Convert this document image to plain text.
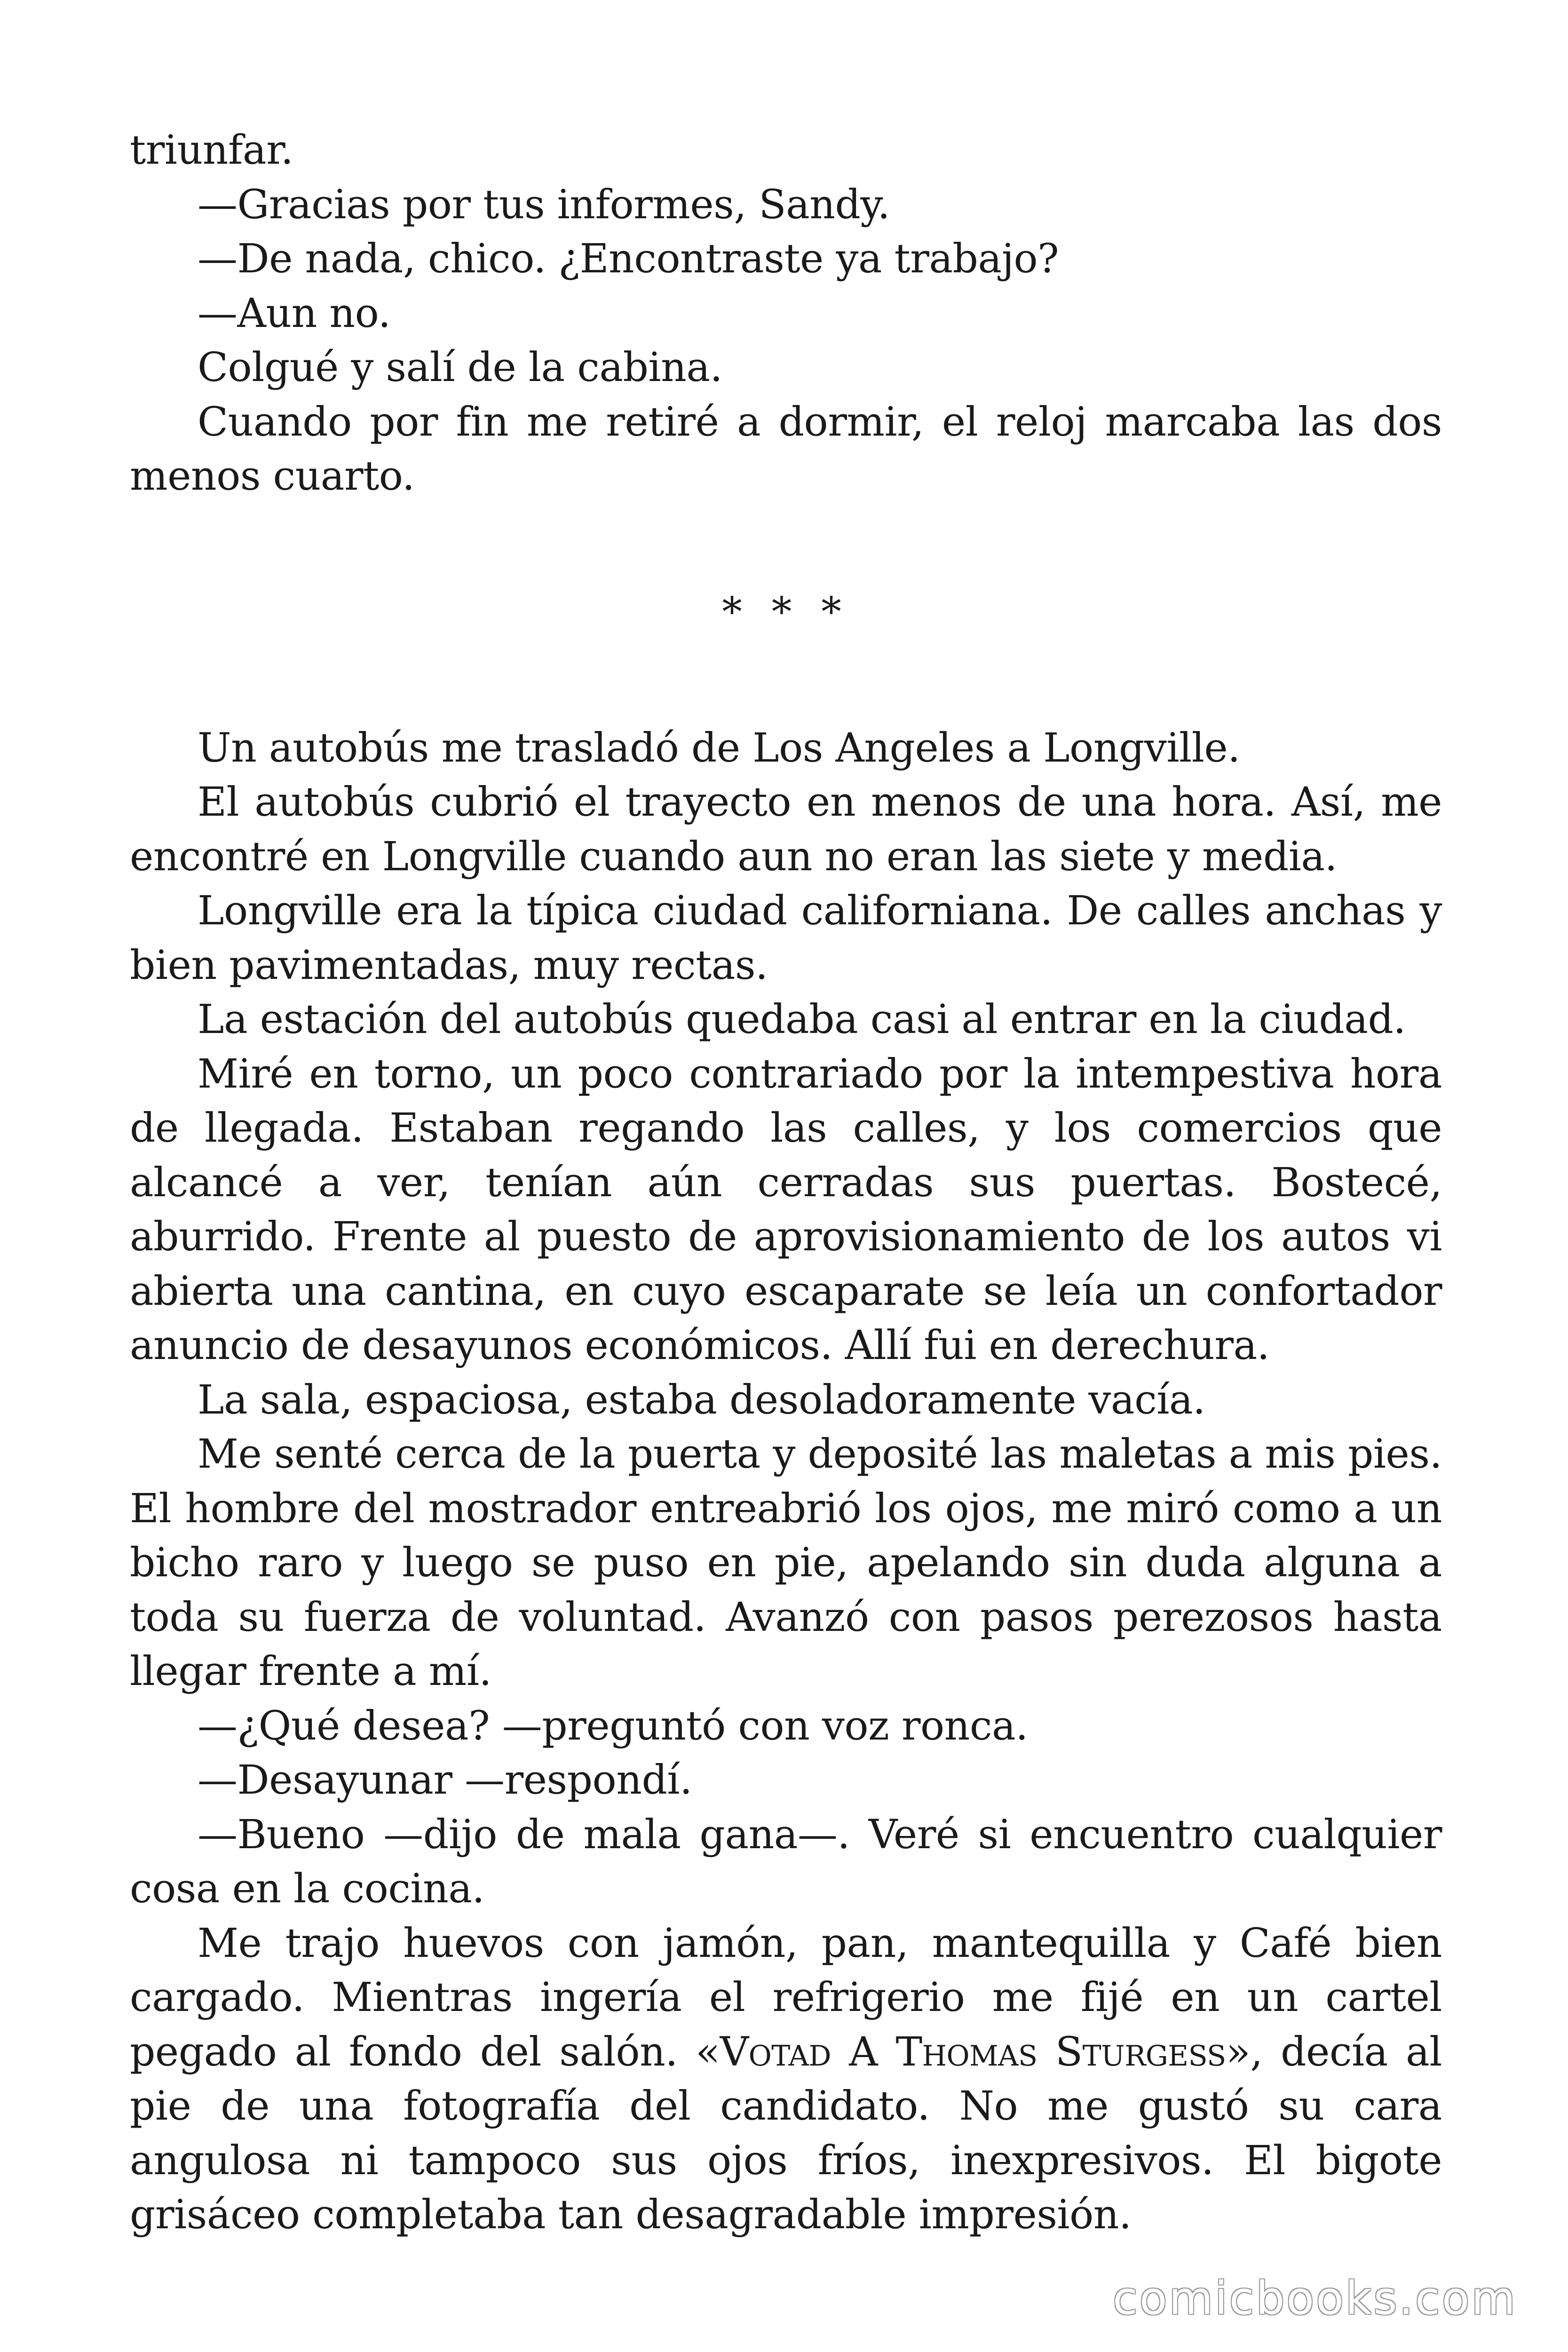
triunfar.

—Gracias por tus informes, Sandy.

—De nada, chico. ¿Encontraste ya trabajo?

—Aun no.

Colgué y salí de la cabina.

Cuando por fin me retiré a dormir, el reloj marcaba las dos menos cuarto.

* * *

Un autobús me trasladó de Los Angeles a Longville.

El autobús cubrió el trayecto en menos de una hora. Así, me encontré en Longville cuando aun no eran las siete y media.

Longville era la típica ciudad californiana. De calles anchas y bien pavimentadas, muy rectas.

La estación del autobús quedaba casi al entrar en la ciudad.

Miré en torno, un poco contrariado por la intempestiva hora de llegada. Estaban regando las calles, y los comercios que alcancé a ver, tenían aún cerradas sus puertas. Bostecé, aburrido. Frente al puesto de aprovisionamiento de los autos vi abierta una cantina, en cuyo escaparate se leía un confortador anuncio de desayunos económicos. Allí fui en derechura.

La sala, espaciosa, estaba desoladoramente vacía.

Me senté cerca de la puerta y deposité las maletas a mis pies. El hombre del mostrador entreabrió los ojos, me miró como a un bicho raro y luego se puso en pie, apelando sin duda alguna a toda su fuerza de voluntad. Avanzó con pasos perezosos hasta llegar frente a mí.

—¿Qué desea? —preguntó con voz ronca.

—Desayunar —respondí.

—Bueno —dijo de mala gana—. Veré si encuentro cualquier cosa en la cocina.

Me trajo huevos con jamón, pan, mantequilla y Café bien cargado. Mientras ingería el refrigerio me fijé en un cartel pegado al fondo del salón. «Votad A Thomas Sturgess», decía al pie de una fotografía del candidato. No me gustó su cara angulosa ni tampoco sus ojos fríos, inexpresivos. El bigote grisáceo completaba tan desagradable impresión.

comicbooks.com
